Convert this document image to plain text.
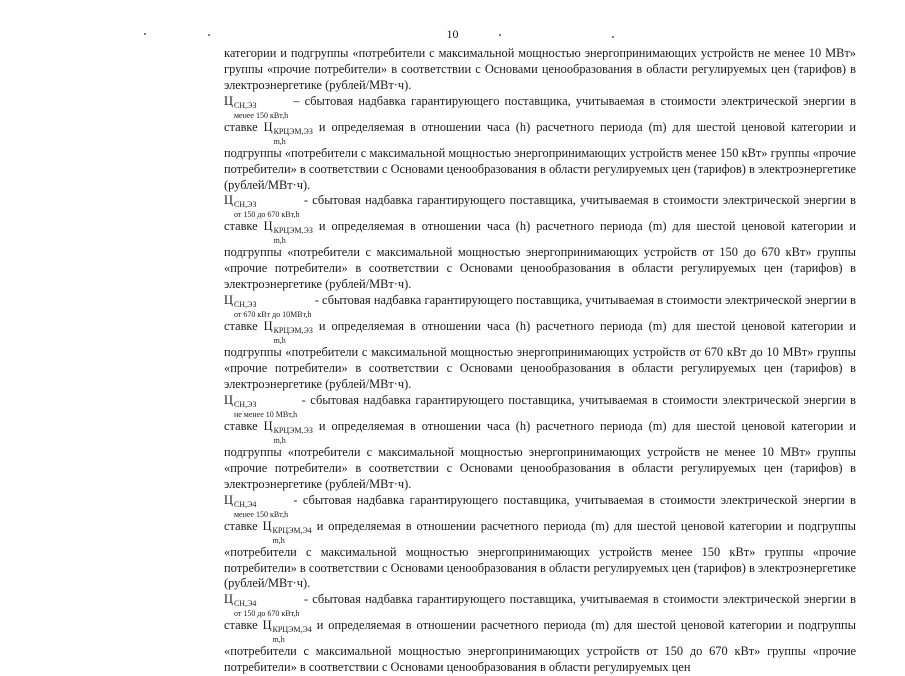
10

категории и подгруппы «потребители с максимальной мощностью энергопринимающих устройств не менее 10 МВт» группы «прочие потребители» в соответствии с Основами ценообразования в области регулируемых цен (тарифов) в электроэнергетике (рублей/МВт·ч).

Ц СН,ЭЗ
менее 150 кВт,h
– сбытовая надбавка гарантирующего поставщика, учитываемая в стоимости электрической энергии в ставке Ц КРЦЭМ,ЭЗ
m,h
и определяемая в отношении часа (h) расчетного периода (m) для шестой ценовой категории и подгруппы «потребители с максимальной мощностью энергопринимающих устройств менее 150 кВт» группы «прочие потребители» в соответствии с Основами ценообразования в области регулируемых цен (тарифов) в электроэнергетике (рублей/МВт·ч).

Ц СН,ЭЗ
от 150 до 670 кВт,h
- сбытовая надбавка гарантирующего поставщика, учитываемая в стоимости электрической энергии в ставке Ц КРЦЭМ,ЭЗ
m,h
и определяемая в отношении часа (h) расчетного периода (m) для шестой ценовой категории и подгруппы «потребители с максимальной мощностью энергопринимающих устройств от 150 до 670 кВт» группы «прочие потребители» в соответствии с Основами ценообразования в области регулируемых цен (тарифов) в электроэнергетике (рублей/МВт·ч).

Ц СН,ЭЗ
от 670 кВт до 10МВт,h
- сбытовая надбавка гарантирующего поставщика, учитываемая в стоимости электрической энергии в ставке Ц КРЦЭМ,ЭЗ
m,h
и определяемая в отношении часа (h) расчетного периода (m) для шестой ценовой категории и подгруппы «потребители с максимальной мощностью энергопринимающих устройств от 670 кВт до 10 МВт» группы «прочие потребители» в соответствии с Основами ценообразования в области регулируемых цен (тарифов) в электроэнергетике (рублей/МВт·ч).

Ц СН,ЭЗ
не менее 10 МВт,h
- сбытовая надбавка гарантирующего поставщика, учитываемая в стоимости электрической энергии в ставке Ц КРЦЭМ,ЭЗ
m,h
и определяемая в отношении часа (h) расчетного периода (m) для шестой ценовой категории и подгруппы «потребители с максимальной мощностью энергопринимающих устройств не менее 10 МВт» группы «прочие потребители» в соответствии с Основами ценообразования в области регулируемых цен (тарифов) в электроэнергетике (рублей/МВт·ч).

Ц СН,Э4
менее 150 кВт,h
- сбытовая надбавка гарантирующего поставщика, учитываемая в стоимости электрической энергии в ставке Ц КРЦЭМ,Э4
m,h
и определяемая в отношении расчетного периода (m) для шестой ценовой категории и подгруппы «потребители с максимальной мощностью энергопринимающих устройств менее 150 кВт» группы «прочие потребители» в соответствии с Основами ценообразования в области регулируемых цен (тарифов) в электроэнергетике (рублей/МВт·ч).

Ц СН,Э4
от 150 до 670 кВт,h
- сбытовая надбавка гарантирующего поставщика, учитываемая в стоимости электрической энергии в ставке Ц КРЦЭМ,Э4
m,h
и определяемая в отношении расчетного периода (m) для шестой ценовой категории и подгруппы «потребители с максимальной мощностью энергопринимающих устройств от 150 до 670 кВт» группы «прочие потребители» в соответствии с Основами ценообразования в области регулируемых цен
